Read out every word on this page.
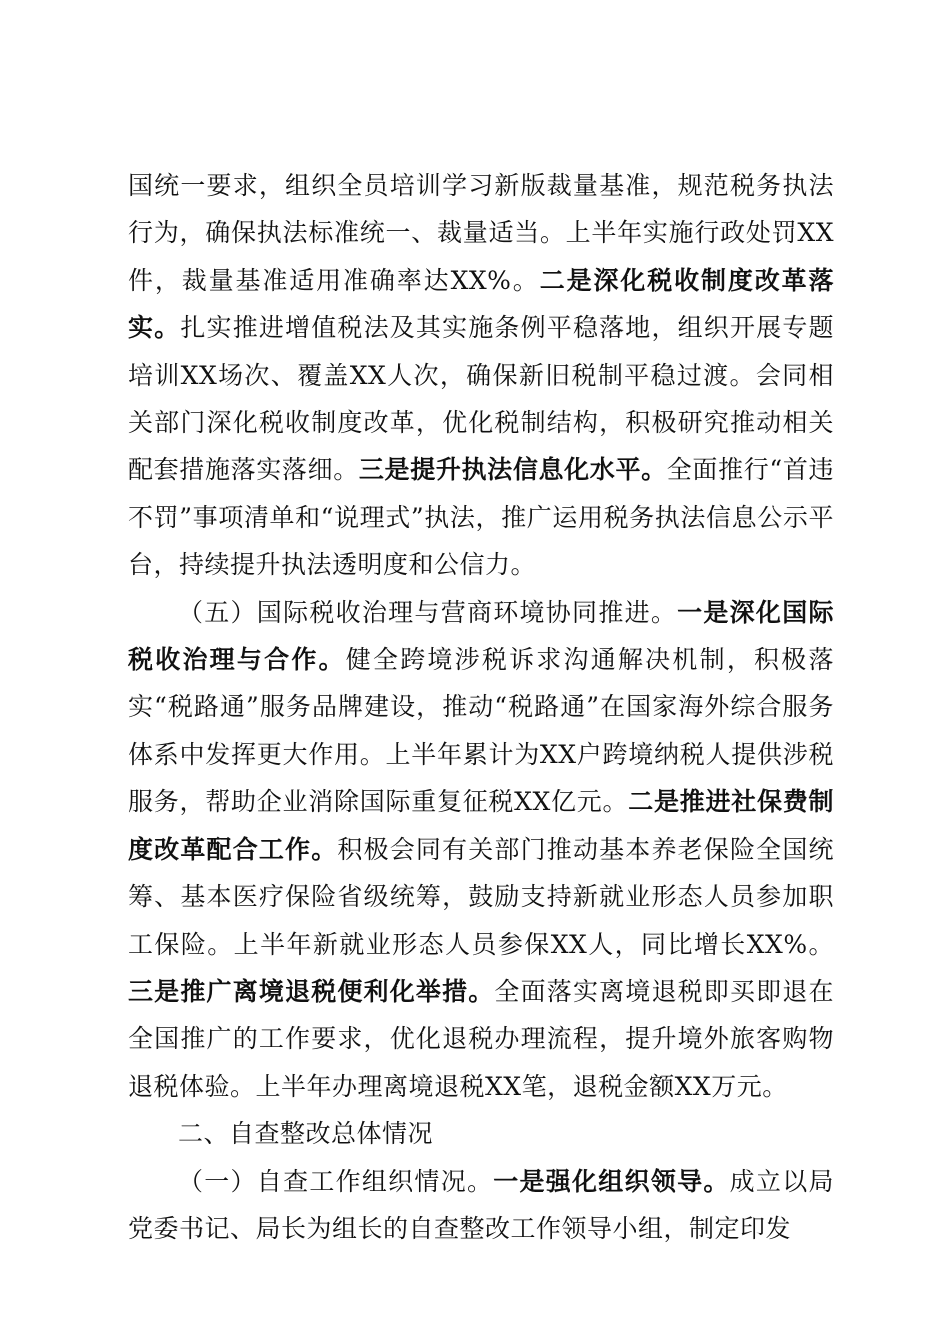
国统一要求，组织全员培训学习新版裁量基准，规范税务执法行为，确保执法标准统一、裁量适当。上半年实施行政处罚XX件，裁量基准适用准确率达XX%。二是深化税收制度改革落实。扎实推进增值税法及其实施条例平稳落地，组织开展专题培训XX场次、覆盖XX人次，确保新旧税制平稳过渡。会同相关部门深化税收制度改革，优化税制结构，积极研究推动相关配套措施落实落细。三是提升执法信息化水平。全面推行“首违不罚”事项清单和“说理式”执法，推广运用税务执法信息公示平台，持续提升执法透明度和公信力。

（五）国际税收治理与营商环境协同推进。一是深化国际税收治理与合作。健全跨境涉税诉求沟通解决机制，积极落实“税路通”服务品牌建设，推动“税路通”在国家海外综合服务体系中发挥更大作用。上半年累计为XX户跨境纳税人提供涉税服务，帮助企业消除国际重复征税XX亿元。二是推进社保费制度改革配合工作。积极会同有关部门推动基本养老保险全国统筹、基本医疗保险省级统筹，鼓励支持新就业形态人员参加职工保险。上半年新就业形态人员参保XX人，同比增长XX%。三是推广离境退税便利化举措。全面落实离境退税即买即退在全国推广的工作要求，优化退税办理流程，提升境外旅客购物退税体验。上半年办理离境退税XX笔，退税金额XX万元。

二、自查整改总体情况

（一）自查工作组织情况。一是强化组织领导。成立以局党委书记、局长为组长的自查整改工作领导小组，制定印发
